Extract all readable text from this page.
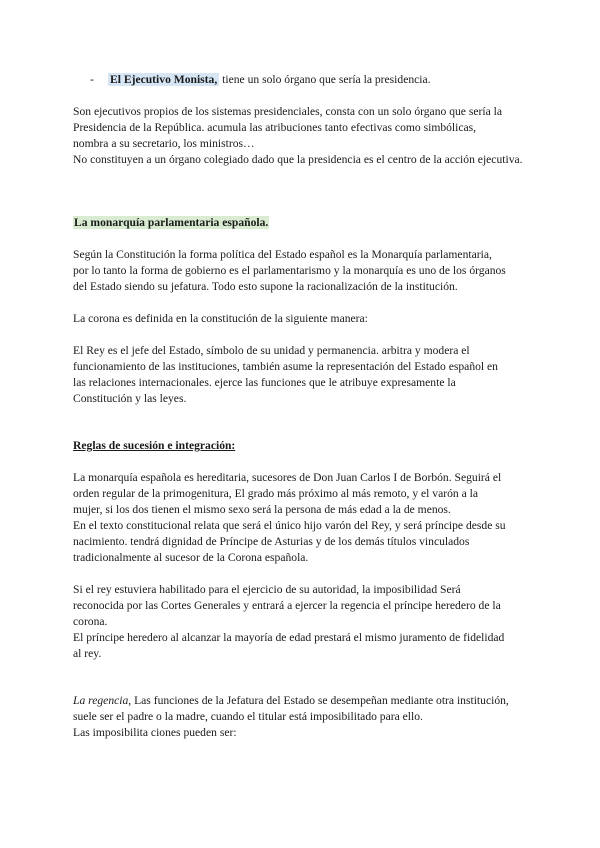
- El Ejecutivo Monista, tiene un solo órgano que sería la presidencia.
Son ejecutivos propios de los sistemas presidenciales, consta con un solo órgano que sería la Presidencia de la República. acumula las atribuciones tanto efectivas como simbólicas, nombra a su secretario, los ministros… No constituyen a un órgano colegiado dado que la presidencia es el centro de la acción ejecutiva.
La monarquía parlamentaria española.
Según la Constitución la forma política del Estado español es la Monarquía parlamentaria, por lo tanto la forma de gobierno es el parlamentarismo y la monarquía es uno de los órganos del Estado siendo su jefatura. Todo esto supone la racionalización de la institución.
La corona es definida en la constitución de la siguiente manera:
El Rey es el jefe del Estado, símbolo de su unidad y permanencia. arbitra y modera el funcionamiento de las instituciones, también asume la representación del Estado español en las relaciones internacionales. ejerce las funciones que le atribuye expresamente la Constitución y las leyes.
Reglas de sucesión e integración:
La monarquía española es hereditaria, sucesores de Don Juan Carlos I de Borbón. Seguirá el orden regular de la primogenitura, El grado más próximo al más remoto, y el varón a la mujer, si los dos tienen el mismo sexo será la persona de más edad a la de menos. En el texto constitucional relata que será el único hijo varón del Rey, y será príncipe desde su nacimiento. tendrá dignidad de Príncipe de Asturias y de los demás títulos vinculados tradicionalmente al sucesor de la Corona española.
Si el rey estuviera habilitado para el ejercicio de su autoridad, la imposibilidad Será reconocida por las Cortes Generales y entrará a ejercer la regencia el príncipe heredero de la corona. El príncipe heredero al alcanzar la mayoría de edad prestará el mismo juramento de fidelidad al rey.
La regencia, Las funciones de la Jefatura del Estado se desempeñan mediante otra institución, suele ser el padre o la madre, cuando el titular está imposibilitado para ello. Las imposibilita ciones pueden ser:
